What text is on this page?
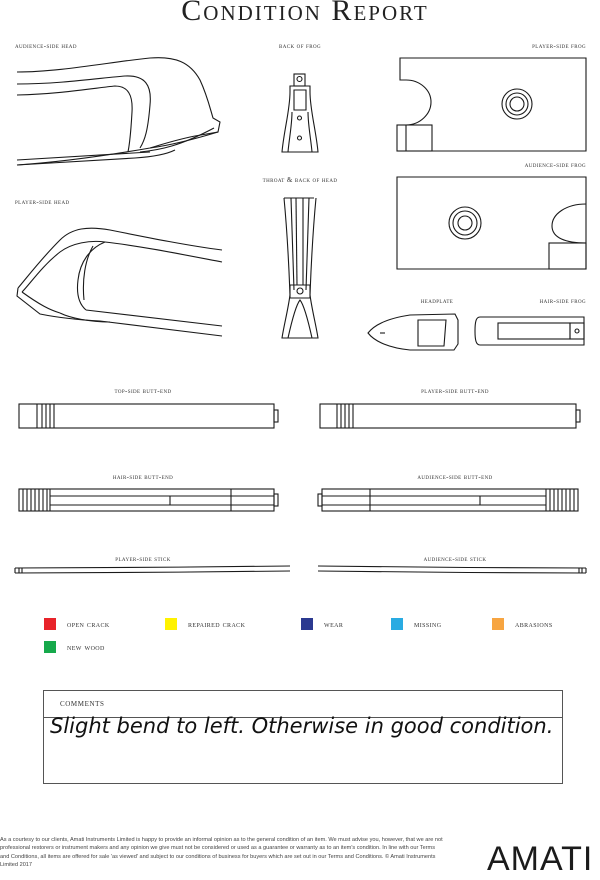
Condition Report
audience-side head	back of frog	player-side frog
audience-side frog
throat & back of head
player-side head
headplate	hair-side frog
top-side butt-end	player-side butt-end
hair-side butt-end	audience-side butt-end
player-side stick	audience-side stick
open crack	repaired crack	wear	missing	abrasions
new wood
comments
Slight bend to left. Otherwise in good condition.
As a courtesy to our clients, Amati Instruments Limited is happy to provide an informal opinion as to the general condition of an item. We must advise you, however, that we are not professional restorers or instrument makers and any opinion we give must not be considered or used as a guarantee or warranty as to an item's condition. In line with our Terms and Conditions, all items are offered for sale 'as viewed' and subject to our conditions of business for buyers which are set out in our Terms and Conditions. © Amati Instruments Limited 2017	AMATI
